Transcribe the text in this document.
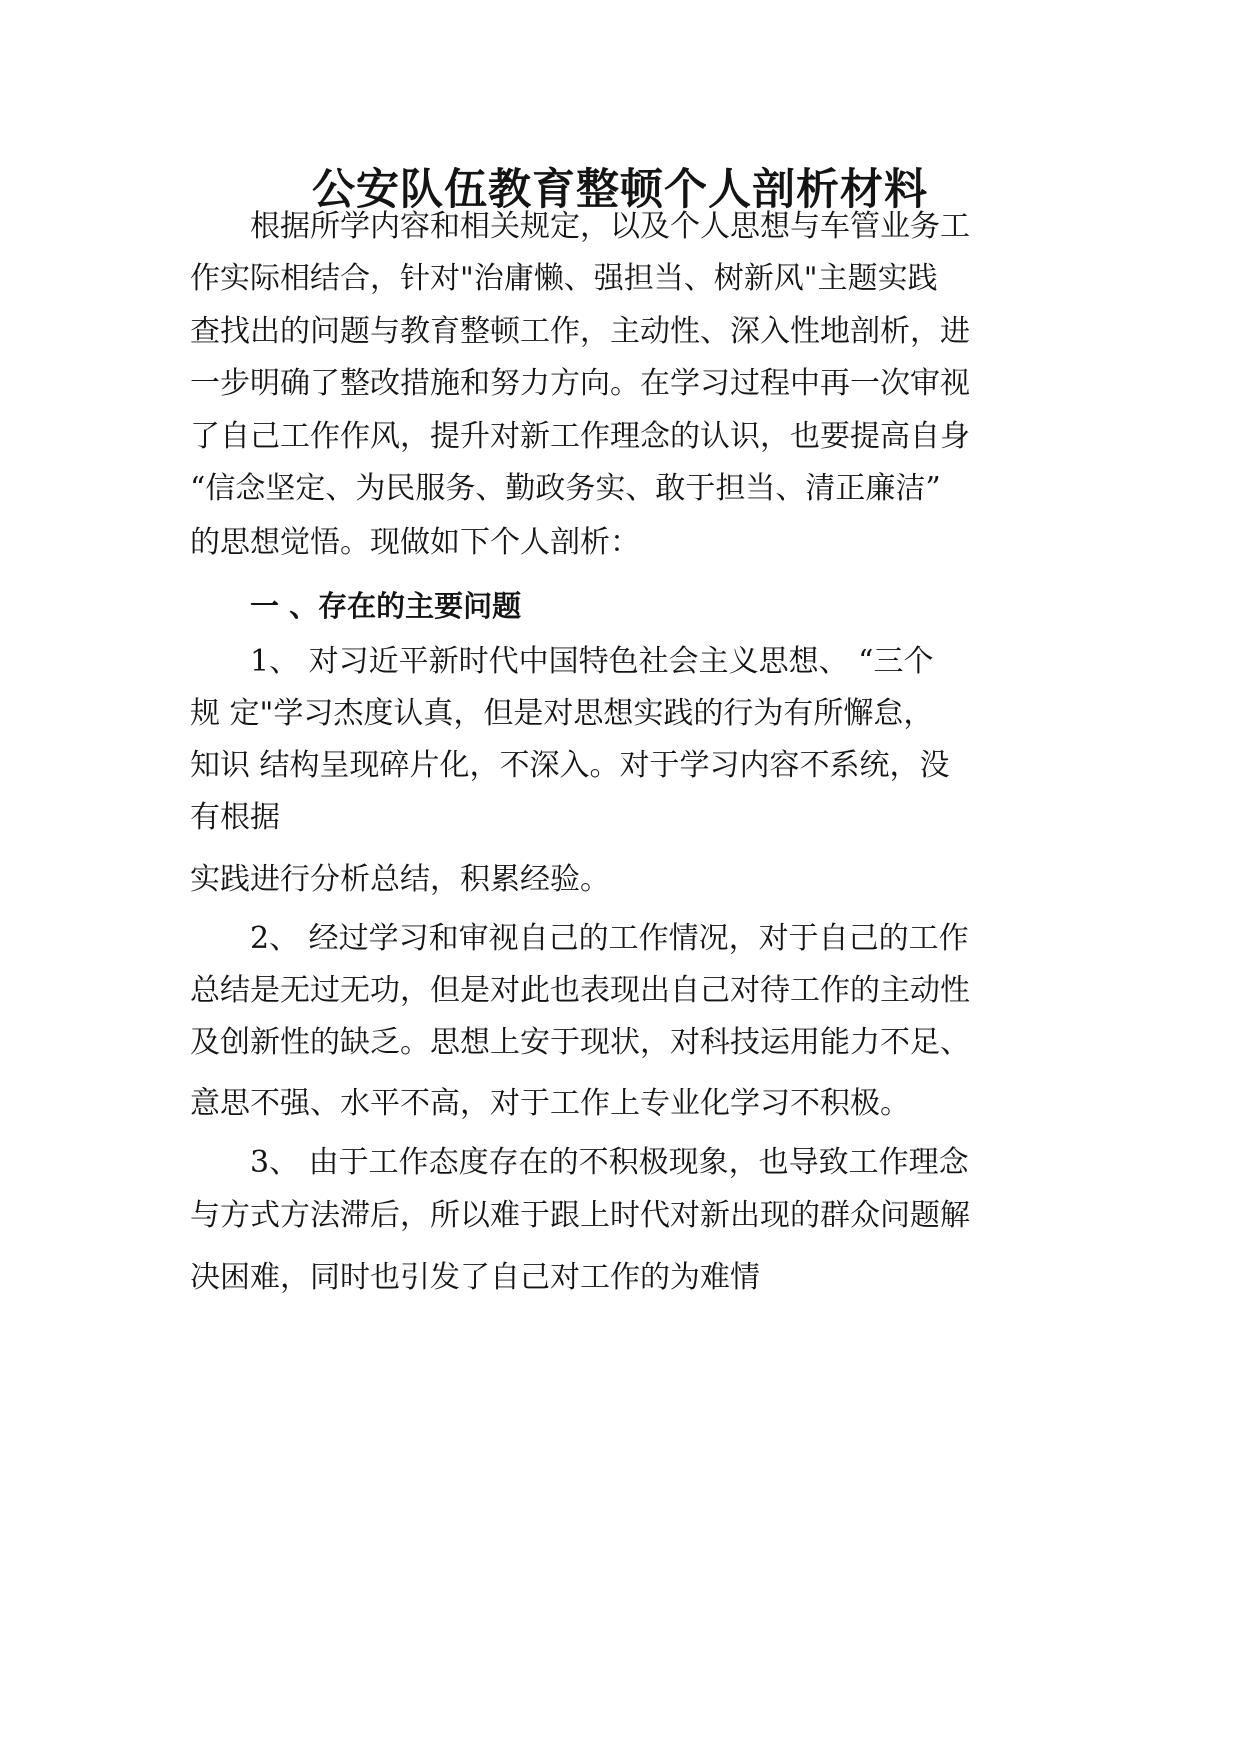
公安队伍教育整顿个人剖析材料

根据所学内容和相关规定，以及个人思想与车管业务工

作实际相结合，针对"治庸懒、强担当、树新风"主题实践

查找出的问题与教育整顿工作，主动性、深入性地剖析，进

一步明确了整改措施和努力方向。在学习过程中再一次审视

了自己工作作风，提升对新工作理念的认识，也要提高自身

“信念坚定、为民服务、勤政务实、敢于担当、清正廉洁”

的思想觉悟。现做如下个人剖析：

一 、存在的主要问题

1、 对习近平新时代中国特色社会主义思想、 “三个

规 定"学习杰度认真，但是对思想实践的行为有所懈怠，

知识 结构呈现碎片化，不深入。对于学习内容不系统，没

有根据

实践进行分析总结，积累经验。

2、 经过学习和审视自己的工作情况，对于自己的工作

总结是无过无功，但是对此也表现出自己对待工作的主动性

及创新性的缺乏。思想上安于现状，对科技运用能力不足、

意思不强、水平不高，对于工作上专业化学习不积极。

3、 由于工作态度存在的不积极现象，也导致工作理念

与方式方法滞后，所以难于跟上时代对新出现的群众问题解

决困难，同时也引发了自己对工作的为难情
